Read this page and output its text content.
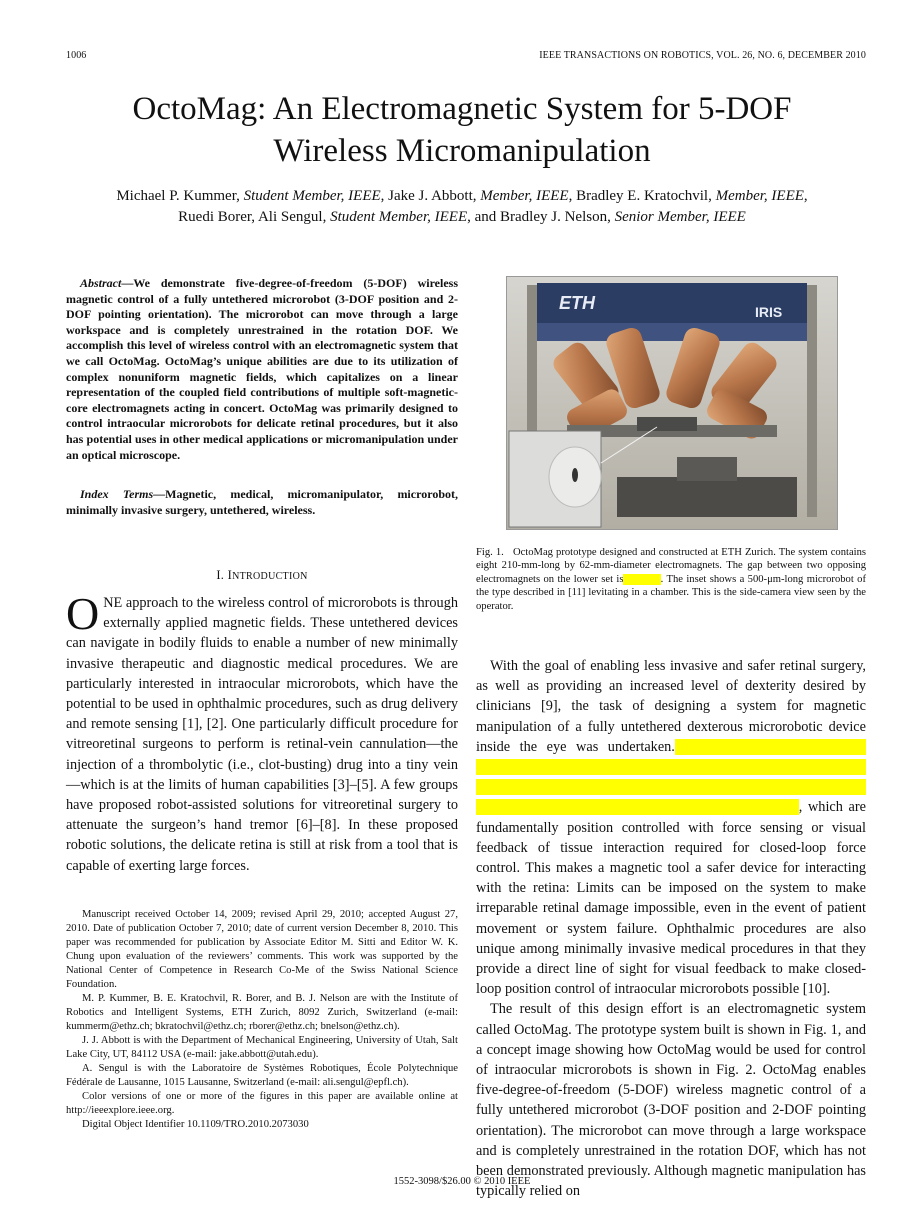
1006	IEEE TRANSACTIONS ON ROBOTICS, VOL. 26, NO. 6, DECEMBER 2010
OctoMag: An Electromagnetic System for 5-DOF
Wireless Micromanipulation
Michael P. Kummer, Student Member, IEEE, Jake J. Abbott, Member, IEEE, Bradley E. Kratochvil, Member, IEEE,
Ruedi Borer, Ali Sengul, Student Member, IEEE, and Bradley J. Nelson, Senior Member, IEEE
Abstract—We demonstrate five-degree-of-freedom (5-DOF) wireless magnetic control of a fully untethered microrobot (3-DOF position and 2-DOF pointing orientation). The microrobot can move through a large workspace and is completely unrestrained in the rotation DOF. We accomplish this level of wireless control with an electromagnetic system that we call OctoMag. OctoMag’s unique abilities are due to its utilization of complex nonuniform magnetic fields, which capitalizes on a linear representation of the coupled field contributions of multiple soft-magnetic-core electromagnets acting in concert. OctoMag was primarily designed to control intraocular microrobots for delicate retinal procedures, but it also has potential uses in other medical applications or micromanipulation under an optical microscope.
Index Terms—Magnetic, medical, micromanipulator, microrobot, minimally invasive surgery, untethered, wireless.
I. INTRODUCTION
ONE approach to the wireless control of microrobots is through externally applied magnetic fields. These untethered devices can navigate in bodily fluids to enable a number of new minimally invasive therapeutic and diagnostic medical procedures. We are particularly interested in intraocular microrobots, which have the potential to be used in ophthalmic procedures, such as drug delivery and remote sensing [1], [2]. One particularly difficult procedure for vitreoretinal surgeons to perform is retinal-vein cannulation—the injection of a thrombolytic (i.e., clot-busting) drug into a tiny vein—which is at the limits of human capabilities [3]–[5]. A few groups have proposed robot-assisted solutions for vitreoretinal surgery to attenuate the surgeon’s hand tremor [6]–[8]. In these proposed robotic solutions, the delicate retina is still at risk from a tool that is capable of exerting large forces.

Manuscript received October 14, 2009; revised April 29, 2010; accepted August 27, 2010. Date of publication October 7, 2010; date of current version December 8, 2010. This paper was recommended for publication by Associate Editor M. Sitti and Editor W. K. Chung upon evaluation of the reviewers’ comments. This work was supported by the National Center of Competence in Research Co-Me of the Swiss National Science Foundation.

M. P. Kummer, B. E. Kratochvil, R. Borer, and B. J. Nelson are with the Institute of Robotics and Intelligent Systems, ETH Zurich, 8092 Zurich, Switzerland (e-mail: kummerm@ethz.ch; bkratochvil@ethz.ch; rborer@ethz.ch; bnelson@ethz.ch).

J. J. Abbott is with the Department of Mechanical Engineering, University of Utah, Salt Lake City, UT, 84112 USA (e-mail: jake.abbott@utah.edu).

A. Sengul is with the Laboratoire de Systèmes Robotiques, École Polytechnique Fédérale de Lausanne, 1015 Lausanne, Switzerland (e-mail: ali.sengul@epfl.ch).

Color versions of one or more of the figures in this paper are available online at http://ieeexplore.ieee.org.

Digital Object Identifier 10.1109/TRO.2010.2073030

ETH	IRIS
Fig. 1. OctoMag prototype designed and constructed at ETH Zurich. The system contains eight 210-mm-long by 62-mm-diameter electromagnets. The gap between two opposing electromagnets on the lower set is 65 mm . The inset shows a 500-μm-long microrobot of the type described in [11] levitating in a chamber. This is the side-camera view seen by the operator.

With the goal of enabling less invasive and safer retinal surgery, as well as providing an increased level of dexterity desired by clinicians [9], the task of designing a system for magnetic manipulation of a fully untethered dexterous microrobotic device inside the eye was undertaken. Magnetic manipulation offers advantages over conventional approaches to retinal surgery, such as forceps-based tools and hand-held micromanipulators employing mechanical linkages with electric motors as actuators , which are fundamentally position controlled with force sensing or visual feedback of tissue interaction required for closed-loop force control. This makes a magnetic tool a safer device for interacting with the retina: Limits can be imposed on the system to make irreparable retinal damage impossible, even in the event of patient movement or system failure. Ophthalmic procedures are also unique among minimally invasive medical procedures in that they provide a direct line of sight for visual feedback to make closed-loop position control of intraocular microrobots possible [10].

The result of this design effort is an electromagnetic system called OctoMag. The prototype system built is shown in Fig. 1, and a concept image showing how OctoMag would be used for control of intraocular microrobots is shown in Fig. 2. OctoMag enables five-degree-of-freedom (5-DOF) wireless magnetic control of a fully untethered microrobot (3-DOF position and 2-DOF pointing orientation). The microrobot can move through a large workspace and is completely unrestrained in the rotation DOF, which has not been demonstrated previously. Although magnetic manipulation has typically relied on

1552-3098/$26.00 © 2010 IEEE
